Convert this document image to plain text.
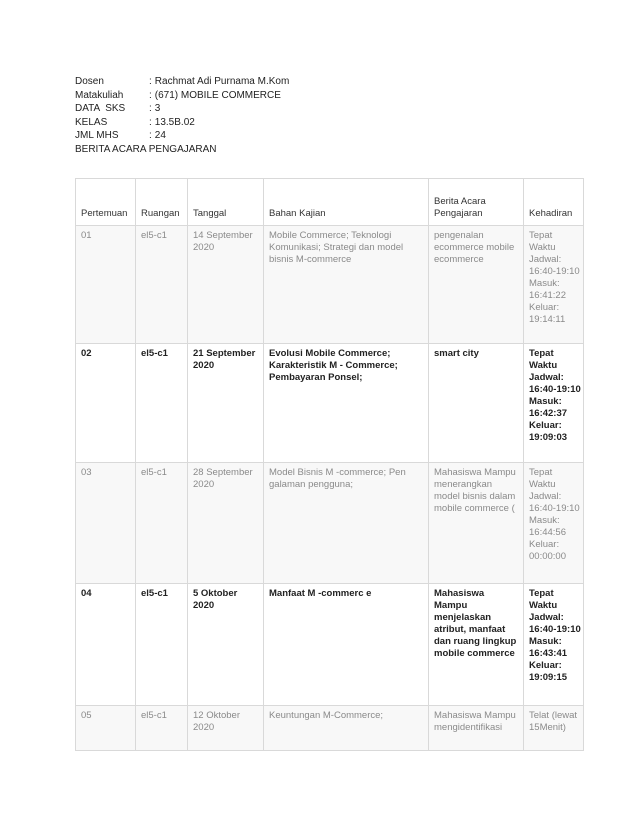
Dosen	: Rachmat Adi Purnama M.Kom
Matakuliah	: (671) MOBILE COMMERCE
DATA  SKS	: 3
KELAS	: 13.5B.02
JML MHS	: 24
BERITA ACARA PENGAJARAN
Pertemuan	Ruangan	Tanggal	Bahan Kajian	Berita Acara Pengajaran	Kehadiran
01	el5-c1	14 September 2020	Mobile Commerce; Teknologi Komunikasi; Strategi dan model bisnis M-commerce	pengenalan ecommerce mobile ecommerce	Tepat Waktu Jadwal: 16:40-19:10 Masuk: 16:41:22 Keluar: 19:14:11
02	el5-c1	21 September 2020	Evolusi Mobile Commerce; Karakteristik M - Commerce; Pembayaran Ponsel;	smart city	Tepat Waktu Jadwal: 16:40-19:10 Masuk: 16:42:37 Keluar: 19:09:03
03	el5-c1	28 September 2020	Model Bisnis M -commerce; Pen galaman pengguna;	Mahasiswa Mampu menerangkan model bisnis dalam mobile commerce (	Tepat Waktu Jadwal: 16:40-19:10 Masuk: 16:44:56 Keluar: 00:00:00
04	el5-c1	5 Oktober 2020	Manfaat M -commerc e	Mahasiswa Mampu menjelaskan atribut, manfaat dan ruang lingkup mobile commerce	Tepat Waktu Jadwal: 16:40-19:10 Masuk: 16:43:41 Keluar: 19:09:15
05	el5-c1	12 Oktober 2020	Keuntungan M-Commerce;	Mahasiswa Mampu mengidentifikasi	Telat (lewat 15Menit)
